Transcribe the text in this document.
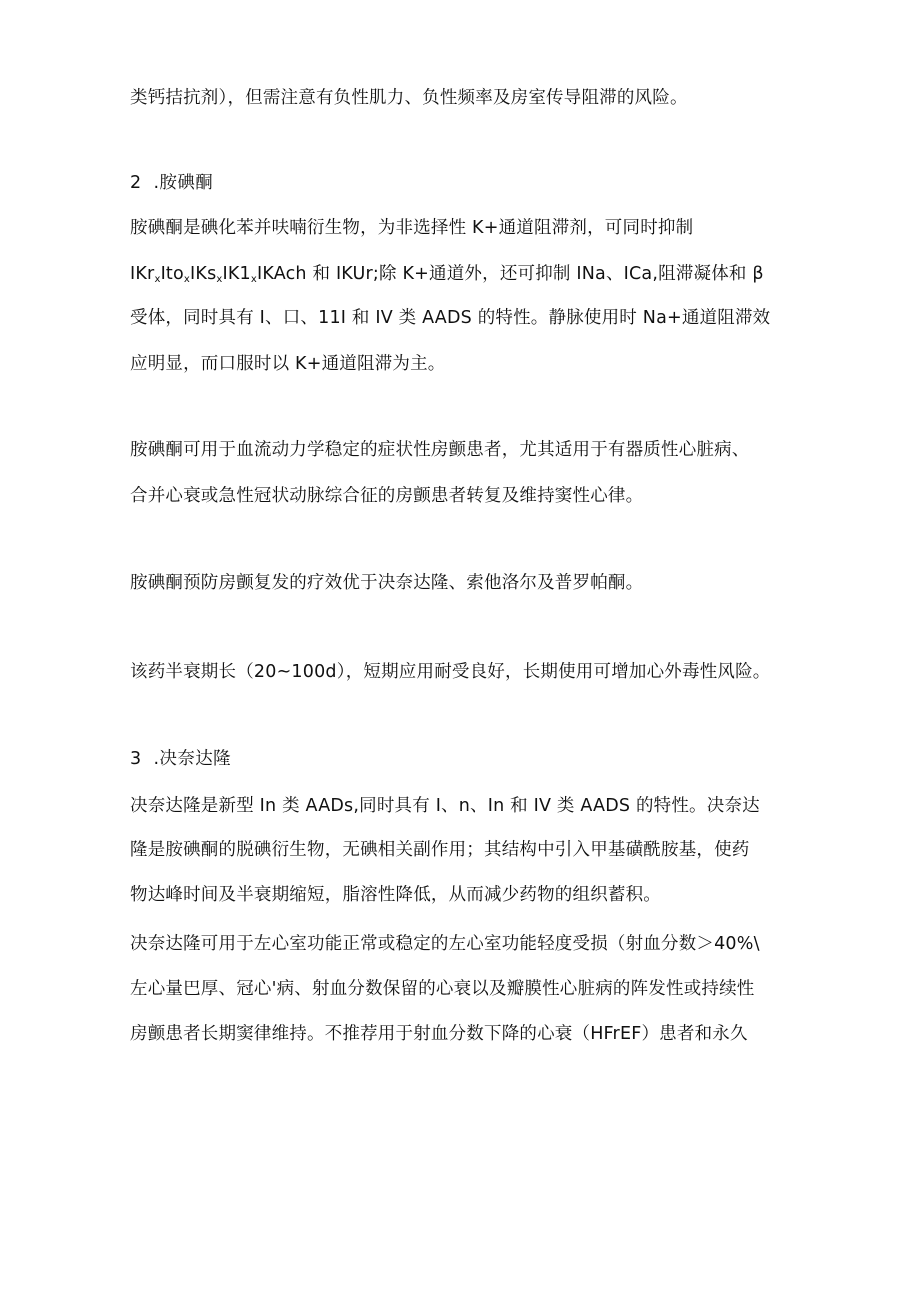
类钙拮抗剂），但需注意有负性肌力、负性频率及房室传导阻滞的风险。
2  .胺碘酮
胺碘酮是碘化苯并呋喃衍生物，为非选择性 K+通道阻滞剂，可同时抑制
$IKr_xIto_xIKs_xIK1_xIKAch$ 和 IKUr;除 K+通道外，还可抑制 INa、ICa,阻滞凝体和 β
受体，同时具有 I、口、11I 和 IV 类 AADS 的特性。静脉使用时 Na+通道阻滞效
应明显，而口服时以 K+通道阻滞为主。
胺碘酮可用于血流动力学稳定的症状性房颤患者，尤其适用于有器质性心脏病、
合并心衰或急性冠状动脉综合征的房颤患者转复及维持窦性心律。
胺碘酮预防房颤复发的疗效优于决奈达隆、索他洛尔及普罗帕酮。
该药半衰期长（20~100d），短期应用耐受良好，长期使用可增加心外毒性风险。
3  .决奈达隆
决奈达隆是新型 In 类 AADs,同时具有 I、n、In 和 IV 类 AADS 的特性。决奈达
隆是胺碘酮的脱碘衍生物，无碘相关副作用；其结构中引入甲基磺酰胺基，使药
物达峰时间及半衰期缩短，脂溶性降低，从而减少药物的组织蓄积。
决奈达隆可用于左心室功能正常或稳定的左心室功能轻度受损（射血分数＞40%\
左心量巴厚、冠心'病、射血分数保留的心衰以及瓣膜性心脏病的阵发性或持续性
房颤患者长期窦律维持。不推荐用于射血分数下降的心衰（HFrEF）患者和永久
